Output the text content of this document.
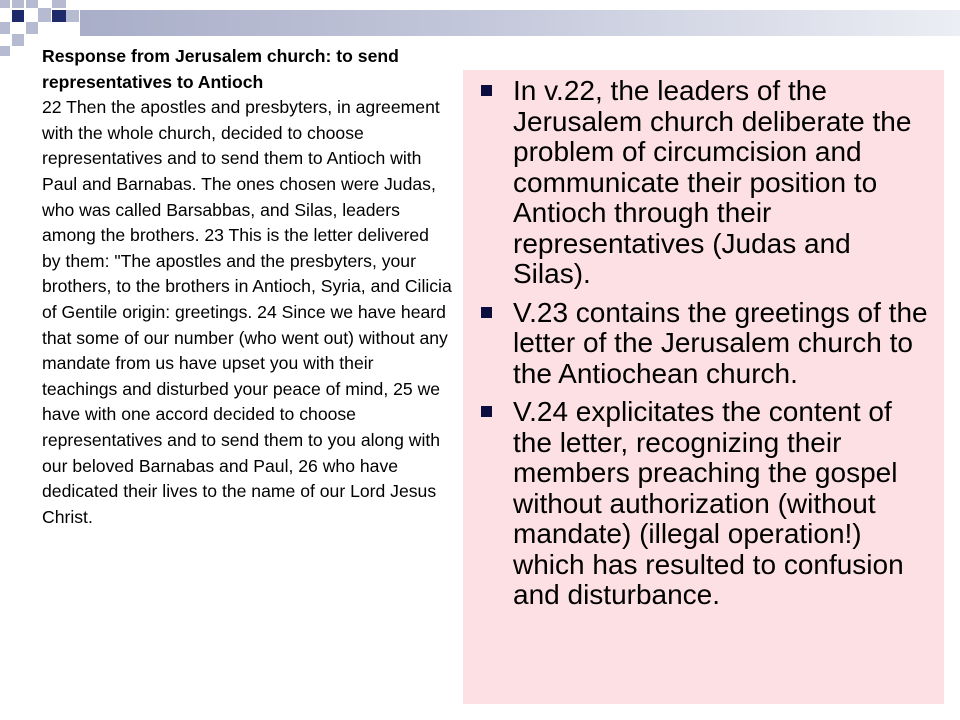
Response from Jerusalem church: to send representatives to Antioch
22 Then the apostles and presbyters, in agreement with the whole church, decided to choose representatives and to send them to Antioch with Paul and Barnabas. The ones chosen were Judas, who was called Barsabbas, and Silas, leaders among the brothers. 23 This is the letter delivered by them: "The apostles and the presbyters, your brothers, to the brothers in Antioch, Syria, and Cilicia of Gentile origin: greetings. 24 Since we have heard that some of our number (who went out) without any mandate from us have upset you with their teachings and disturbed your peace of mind, 25 we have with one accord decided to choose representatives and to send them to you along with our beloved Barnabas and Paul, 26 who have dedicated their lives to the name of our Lord Jesus Christ.
In v.22, the leaders of the Jerusalem church deliberate the problem of circumcision and communicate their position to Antioch through their representatives (Judas and Silas).
V.23 contains the greetings of the letter of the Jerusalem church to the Antiochean church.
V.24 explicitates the content of the letter, recognizing their members preaching the gospel without authorization (without mandate) (illegal operation!) which has resulted to confusion and disturbance.
